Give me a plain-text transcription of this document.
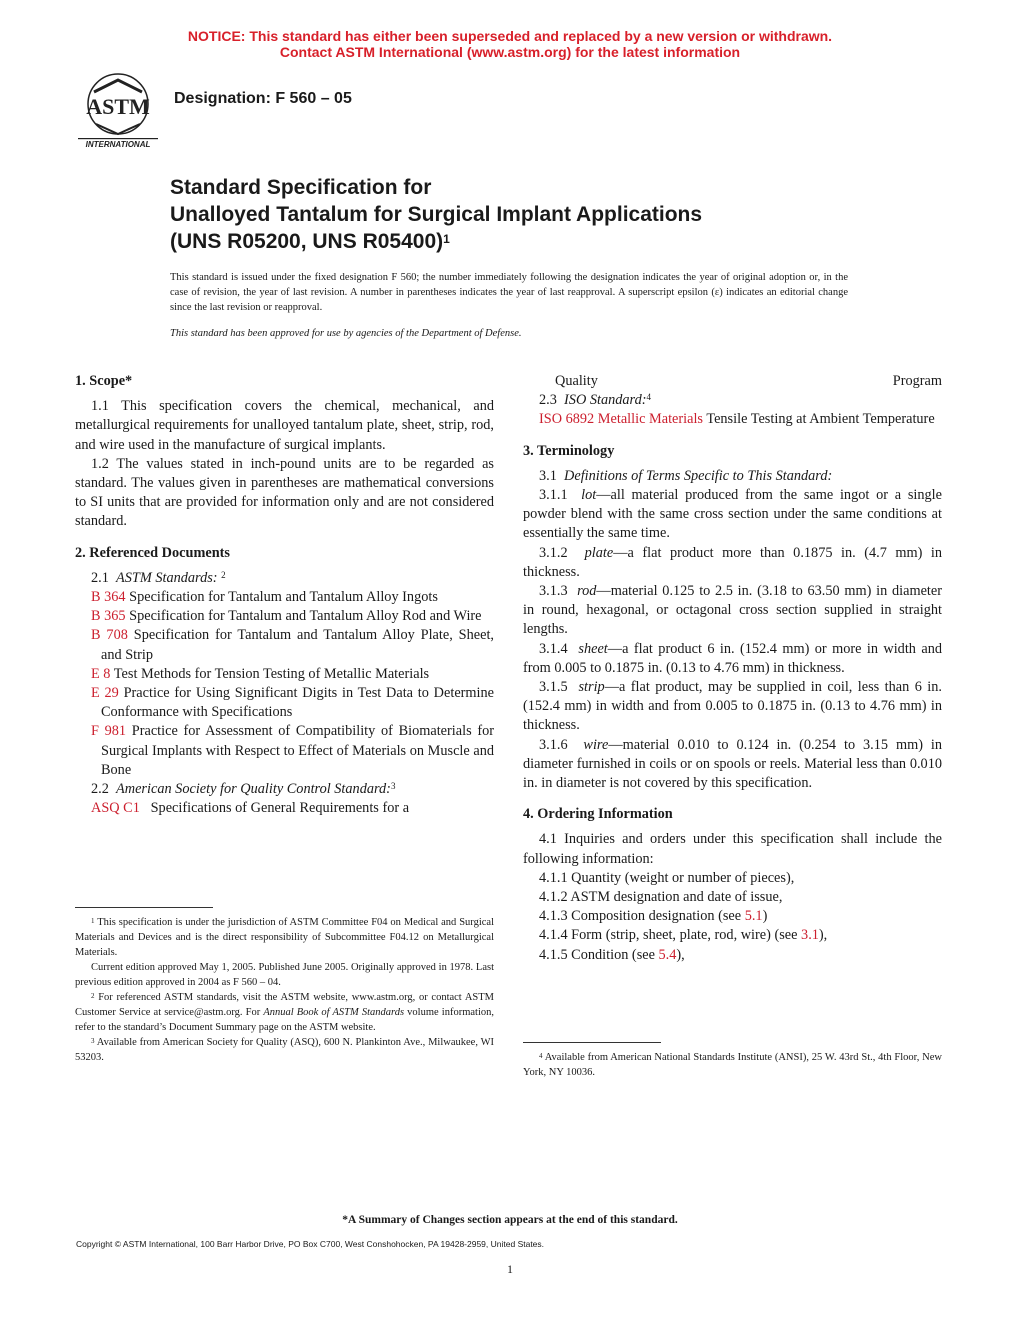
NOTICE: This standard has either been superseded and replaced by a new version or withdrawn.
Contact ASTM International (www.astm.org) for the latest information
ASTM
INTERNATIONAL
Designation: F 560 – 05
Standard Specification for
Unalloyed Tantalum for Surgical Implant Applications
(UNS R05200, UNS R05400)$^1$
This standard is issued under the fixed designation F 560; the number immediately following the designation indicates the year of original adoption or, in the case of revision, the year of last revision. A number in parentheses indicates the year of last reapproval. A superscript epsilon (ε) indicates an editorial change since the last revision or reapproval.
This standard has been approved for use by agencies of the Department of Defense.

1. Scope*

1.1 This specification covers the chemical, mechanical, and metallurgical requirements for unalloyed tantalum plate, sheet, strip, rod, and wire used in the manufacture of surgical implants.

1.2 The values stated in inch-pound units are to be regarded as standard. The values given in parentheses are mathematical conversions to SI units that are provided for information only and are not considered standard.

2. Referenced Documents

2.1 ASTM Standards: $^2$

B 364 Specification for Tantalum and Tantalum Alloy Ingots

B 365 Specification for Tantalum and Tantalum Alloy Rod and Wire

B 708 Specification for Tantalum and Tantalum Alloy Plate, Sheet, and Strip

E 8 Test Methods for Tension Testing of Metallic Materials

E 29 Practice for Using Significant Digits in Test Data to Determine Conformance with Specifications

F 981 Practice for Assessment of Compatibility of Biomaterials for Surgical Implants with Respect to Effect of Materials on Muscle and Bone

2.2 American Society for Quality Control Standard:$^3$

ASQ C1 Specifications of General Requirements for a

$^1$ This specification is under the jurisdiction of ASTM Committee F04 on Medical and Surgical Materials and Devices and is the direct responsibility of Subcommittee F04.12 on Metallurgical Materials.

Current edition approved May 1, 2005. Published June 2005. Originally approved in 1978. Last previous edition approved in 2004 as F 560 – 04.

$^2$ For referenced ASTM standards, visit the ASTM website, www.astm.org, or contact ASTM Customer Service at service@astm.org. For Annual Book of ASTM Standards volume information, refer to the standard’s Document Summary page on the ASTM website.

$^3$ Available from American Society for Quality (ASQ), 600 N. Plankinton Ave., Milwaukee, WI 53203.

Quality Program

2.3 ISO Standard:$^4$

ISO 6892 Metallic Materials Tensile Testing at Ambient Temperature

3. Terminology

3.1 Definitions of Terms Specific to This Standard:

3.1.1 lot—all material produced from the same ingot or a single powder blend with the same cross section under the same conditions at essentially the same time.

3.1.2 plate—a flat product more than 0.1875 in. (4.7 mm) in thickness.

3.1.3 rod—material 0.125 to 2.5 in. (3.18 to 63.50 mm) in diameter in round, hexagonal, or octagonal cross section supplied in straight lengths.

3.1.4 sheet—a flat product 6 in. (152.4 mm) or more in width and from 0.005 to 0.1875 in. (0.13 to 4.76 mm) in thickness.

3.1.5 strip—a flat product, may be supplied in coil, less than 6 in. (152.4 mm) in width and from 0.005 to 0.1875 in. (0.13 to 4.76 mm) in thickness.

3.1.6 wire—material 0.010 to 0.124 in. (0.254 to 3.15 mm) in diameter furnished in coils or on spools or reels. Material less than 0.010 in. in diameter is not covered by this specification.

4. Ordering Information

4.1 Inquiries and orders under this specification shall include the following information:

4.1.1 Quantity (weight or number of pieces),

4.1.2 ASTM designation and date of issue,

4.1.3 Composition designation (see 5.1)

4.1.4 Form (strip, sheet, plate, rod, wire) (see 3.1),

4.1.5 Condition (see 5.4),

$^4$ Available from American National Standards Institute (ANSI), 25 W. 43rd St., 4th Floor, New York, NY 10036.

*A Summary of Changes section appears at the end of this standard.
Copyright © ASTM International, 100 Barr Harbor Drive, PO Box C700, West Conshohocken, PA 19428-2959, United States.
1
